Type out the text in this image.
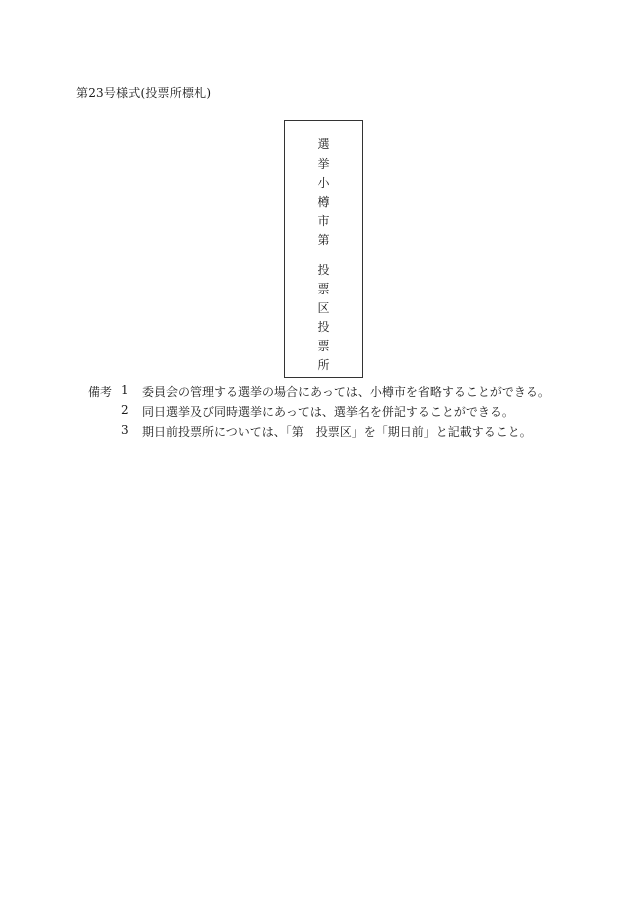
第23号様式(投票所標札)
選
挙
小
樽
市
第
投
票
区
投
票
所
備考 1 委員会の管理する選挙の場合にあっては、小樽市を省略することができる。
2 同日選挙及び同時選挙にあっては、選挙名を併記することができる。
3 期日前投票所については、「第　投票区」を「期日前」と記載すること。
